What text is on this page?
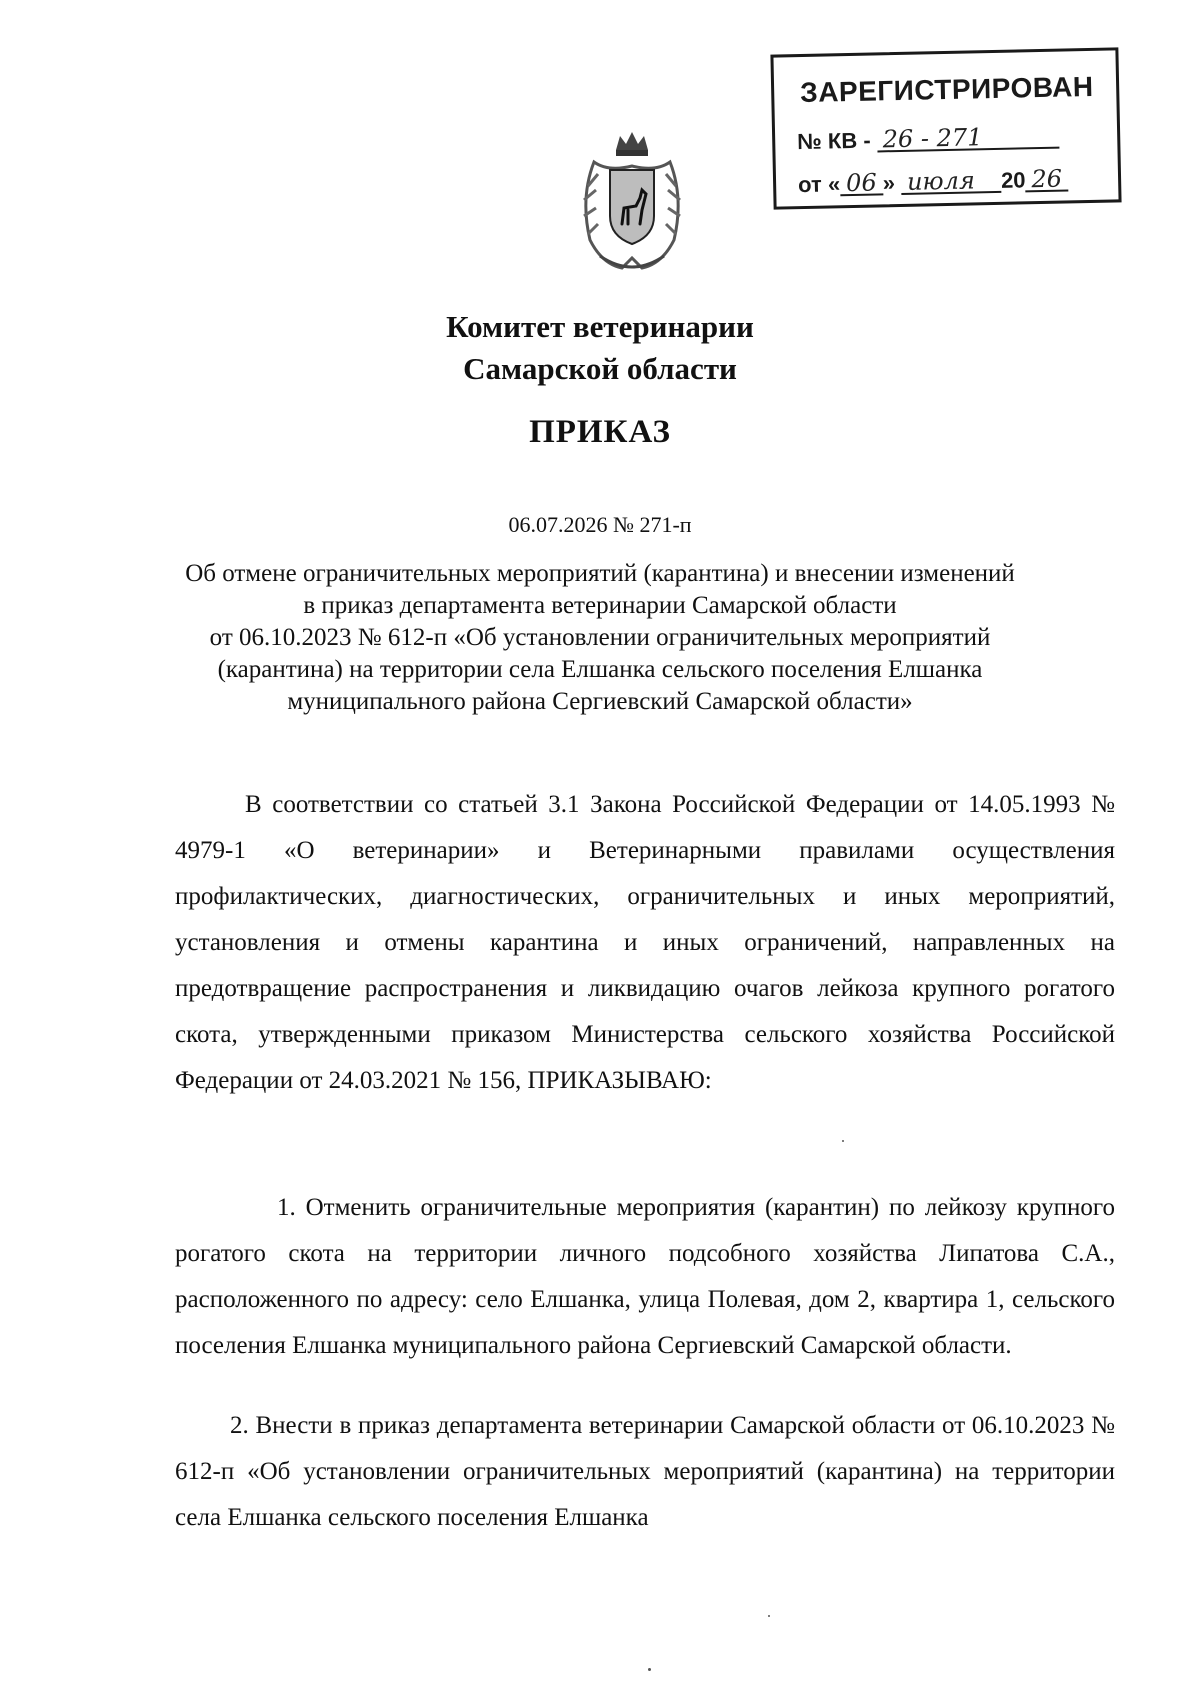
ЗАРЕГИСТРИРОВАН
№ КВ - 26 - 271
от « 06 » июля 20 26
Комитет ветеринарии
Самарской области
ПРИКАЗ
06.07.2026 № 271-п
Об отмене ограничительных мероприятий (карантина) и внесении изменений
в приказ департамента ветеринарии Самарской области
от 06.10.2023 № 612-п «Об установлении ограничительных мероприятий
(карантина) на территории села Елшанка сельского поселения Елшанка
муниципального района Сергиевский Самарской области»

В соответствии со статьей 3.1 Закона Российской Федерации от 14.05.1993 № 4979-1 «О ветеринарии» и Ветеринарными правилами осуществления профилактических, диагностических, ограничительных и иных мероприятий, установления и отмены карантина и иных ограничений, направленных на предотвращение распространения и ликвидацию очагов лейкоза крупного рогатого скота, утвержденными приказом Министерства сельского хозяйства Российской Федерации от 24.03.2021 № 156, ПРИКАЗЫВАЮ:

1. Отменить ограничительные мероприятия (карантин) по лейкозу крупного рогатого скота на территории личного подсобного хозяйства Липатова С.А., расположенного по адресу: село Елшанка, улица Полевая, дом 2, квартира 1, сельского поселения Елшанка муниципального района Сергиевский Самарской области.

2. Внести в приказ департамента ветеринарии Самарской области от 06.10.2023 № 612-п «Об установлении ограничительных мероприятий (карантина) на территории села Елшанка сельского поселения Елшанка
